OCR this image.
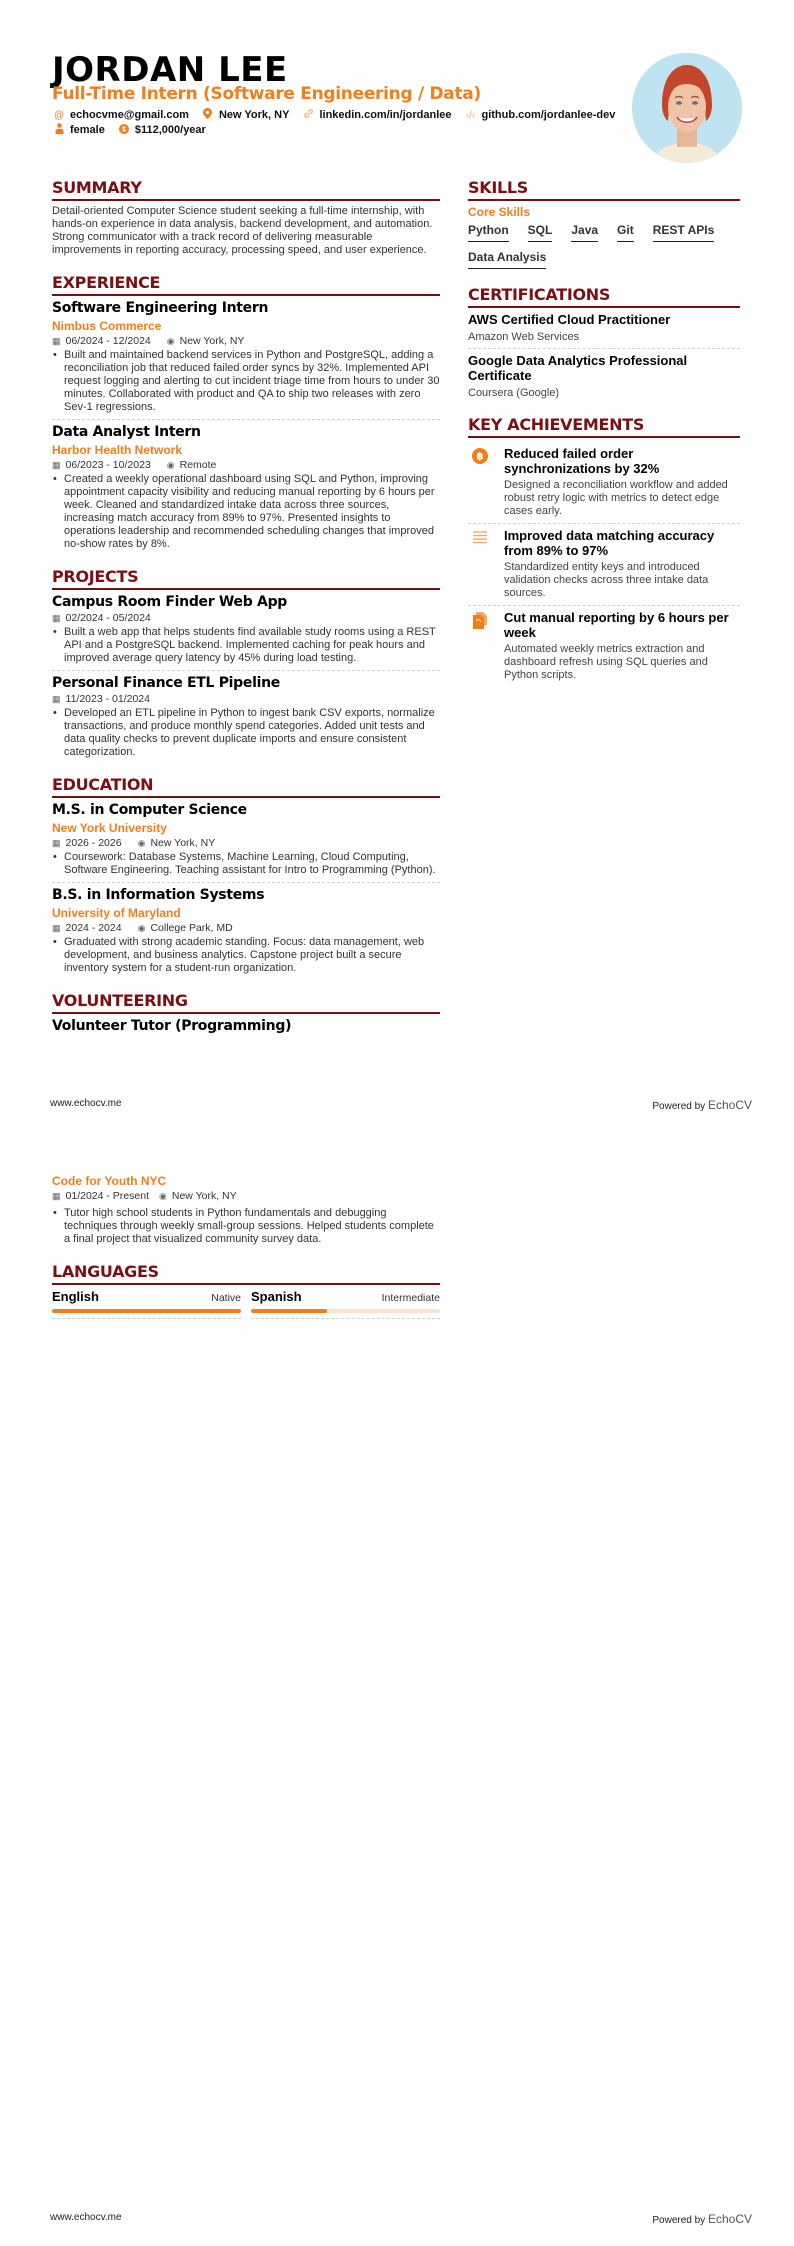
JORDAN LEE
Full-Time Intern (Software Engineering / Data)
@ echocvme@gmail.com	New York, NY	linkedin.com/in/jordanlee ‹/› github.com/jordanlee-dev
female $ $112,000/year
SUMMARY
Detail-oriented Computer Science student seeking a full-time internship, with hands-on experience in data analysis, backend development, and automation. Strong communicator with a track record of delivering measurable improvements in reporting accuracy, processing speed, and user experience.
EXPERIENCE
Software Engineering Intern
Nimbus Commerce
▦ 06/2024 - 12/2024 ◉ New York, NY
• Built and maintained backend services in Python and PostgreSQL, adding a reconciliation job that reduced failed order syncs by 32%. Implemented API request logging and alerting to cut incident triage time from hours to under 30 minutes. Collaborated with product and QA to ship two releases with zero Sev-1 regressions.
Data Analyst Intern
Harbor Health Network
▦ 06/2023 - 10/2023 ◉ Remote
• Created a weekly operational dashboard using SQL and Python, improving appointment capacity visibility and reducing manual reporting by 6 hours per week. Cleaned and standardized intake data across three sources, increasing match accuracy from 89% to 97%. Presented insights to operations leadership and recommended scheduling changes that improved no-show rates by 8%.
PROJECTS
Campus Room Finder Web App
▦ 02/2024 - 05/2024
• Built a web app that helps students find available study rooms using a REST API and a PostgreSQL backend. Implemented caching for peak hours and improved average query latency by 45% during load testing.
Personal Finance ETL Pipeline
▦ 11/2023 - 01/2024
• Developed an ETL pipeline in Python to ingest bank CSV exports, normalize transactions, and produce monthly spend categories. Added unit tests and data quality checks to prevent duplicate imports and ensure consistent categorization.
EDUCATION
M.S. in Computer Science
New York University
▦ 2026 - 2026 ◉ New York, NY
• Coursework: Database Systems, Machine Learning, Cloud Computing, Software Engineering. Teaching assistant for Intro to Programming (Python).
B.S. in Information Systems
University of Maryland
▦ 2024 - 2024 ◉ College Park, MD
• Graduated with strong academic standing. Focus: data management, web development, and business analytics. Capstone project built a secure inventory system for a student-run organization.
VOLUNTEERING
Volunteer Tutor (Programming)
SKILLS
Core Skills
Python SQL Java Git REST APIs
Data Analysis
CERTIFICATIONS
AWS Certified Cloud Practitioner
Amazon Web Services
Google Data Analytics Professional Certificate
Coursera (Google)
KEY ACHIEVEMENTS
฿ Reduced failed order synchronizations by 32%
Designed a reconciliation workflow and added robust retry logic with metrics to detect edge cases early.
Improved data matching accuracy from 89% to 97%
Standardized entity keys and introduced validation checks across three intake data sources.
Cut manual reporting by 6 hours per week
Automated weekly metrics extraction and dashboard refresh using SQL queries and Python scripts.
www.echocv.me	Powered by EchoCV
Code for Youth NYC
▦ 01/2024 - Present ◉ New York, NY
• Tutor high school students in Python fundamentals and debugging techniques through weekly small-group sessions. Helped students complete a final project that visualized community survey data.
LANGUAGES
English	Native Spanish	Intermediate
www.echocv.me	Powered by EchoCV
